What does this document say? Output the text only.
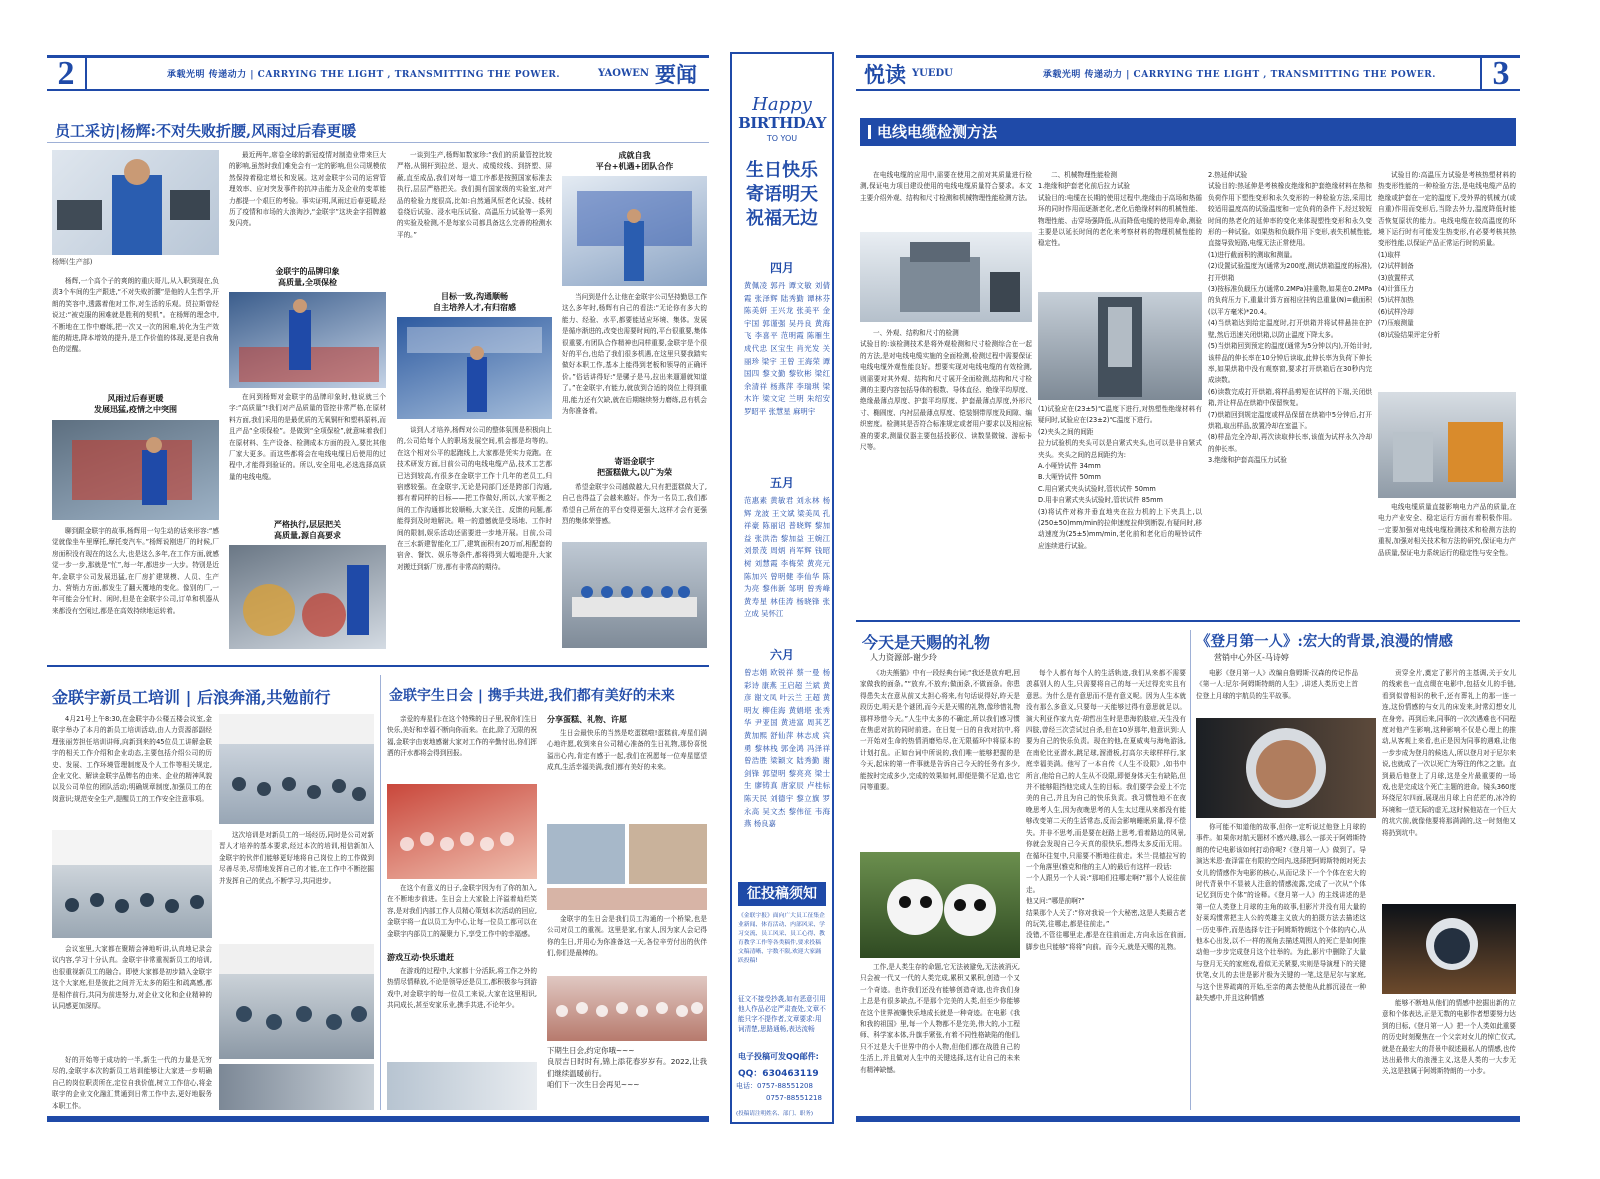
2	承载光明 传递动力 | CARRYING THE LIGHT , TRANSMITTING THE POWER.	YAOWEN 要闻
员工采访|杨辉:不对失败折腰,风雨过后春更暖
杨辉(生产部)
杨辉,一个高个子的爽朗的重庆哥儿,从入职到现在,负责3个车间的生产跟进,“不对失败折腰”是他的人生哲学,开朗的笑容中,透露着他对工作,对生活的乐观。贸拉斯曾经说过:“被克服的困难就是胜利的契机”。在杨辉的理念中,不断地在工作中磨练,把一次又一次的困难,转化为生产效能的精进,降本增效的提升,是工作价值的体现,更是自我角色的觉醒。
风雨过后春更暖
发展迅猛,疫情之中突围
聊到跟金联宇的故事,杨辉用一句生动的话来形容:“感觉就像坐车里摩托,摩托变汽车。”杨辉说刚进厂的时候,厂房面积没有现在的这么大,也是这么多年,在工作方面,就感觉一步一步,那就是“忙”,每一年,都进步一大步。特别是近年,金联宇公司发展迅猛,在厂房扩建规模、人员、生产力、营销力方面,都发生了翻天覆地的变化。像别的厂,一年可能会分忙时、闲时,但是在金联宇公司,订单和机器从来都没有空闲过,都是在高效持续地运转着。
最近两年,席卷全球的新冠疫情对制造业带来巨大的影响,虽然时我们难免会有一定的影响,但公司规模依然保持着稳定增长和发展。这对金联宇公司的运营管理效率、应对突发事件的抗冲击能力及企业的变革能力都提一个艰巨的考验。事实证明,风雨过后春更暖,经历了疫情和市场的大浪淘沙,“金联宇”这块金字招牌越发闪亮。
金联宇的品牌印象
高质量,全项保检
在问到杨辉对金联宇的品牌印象时,他说就三个字:“高质量”!我们对产品质量的管控非常严格,在原材料方面,我们采用的是最优质的无氧铜杆和塑料原料,而且产品“全项保检”。是做到“全项保检”,就意味着我们在原材料、生产设备、检测成本方面的投入,要比其他厂家大更多。而这些都将会在电线电缆日后使用的过程中,才能得到验证的。所以,安全用电,必选选择高质量的电线电缆。
严格执行,层层把关
高质量,源自高要求
一谈到生产,杨辉如数家珍:“我们的质量管控比较严格,从铜杆到拉丝、退火、成缆绞线、到挤塑、屏蔽,直至成品,我们对每一道工序都是按照国家标准去执行,层层严格把关。我们拥有国家级的实验室,对产品的检验力度很高,比如:自然通风恒老化试验、线材卷绕后试验、浸水电压试验、高温压力试验等一系列的实验及检测,不是每家公司都具备这么完善的检测水平的。”
目标一致,沟通顺畅
自主培养人才,有归宿感
谈到人才培养,杨辉对公司的整体氛围是积极向上的,公司给每个人的职场发展空间,机会都是均等的。在这个相对公平的起跑线上,大家都是凭实力竞跑。在技术研发方面,目前公司的电线电缆产品,技术工艺都已达到较高,有很多在金联宇工作十几年的老员工,归宿感较强。在金联宇,无论是同部门还是跨部门沟通,都有着同样的目标——把工作做好,所以,大家平衡之间的工作沟通都比较顺畅,大家关注、反馈的问题,都能得到及时地解决。唯一的遗憾就是受场地、工作时间的限制,娱乐活动还需要进一步地开展。目前,公司在三水新建智能化工厂,建筑面积有20万㎡,相配套的宿舍、餐饮、娱乐等条件,都将得到大幅地提升,大家对搬迁到新厂房,都有非常高的期待。
成就自我
平台+机遇+团队合作
当问到是什么让他在金联宇公司坚持勤恳工作这么多年时,杨辉有自己的看法:“无论你有多大的能力、经验、水平,都要能适应环境、集体。发展是循序渐进的,改变也需要时间的,平台很重要,集体很重要,有团队合作精神也同样重要,金联宇是个很好的平台,也给了我们很多机遇,在这里只要我踏实做好本职工作,基本上能得到老板和领导的正确评价。”俗话讲得好:“是骡子是马,拉出来遛遛就知道了。”在金联宇,有能力,就放到合适的岗位上得到重用,能力还有欠缺,就在后期继续努力磨练,总有机会为你准备着。
寄语金联宇
把蛋糕做大,以广为荣
希望金联宇公司越做越大,只有把蛋糕做大了,自己也得益了会越来越好。作为一名员工,我们都希望自己所在的平台变得更强大,这样才会有更强烈的集体荣誉感。
金联宇新员工培训 | 后浪奔涌,共勉前行
4月21号上午8:30,在金联宇办公楼五楼会议室,金联宇举办了本月的新员工培训活动,由人力资源部副经理张丽芳担任培训讲师,向新到来的45位员工讲解金联宇的相关工作介绍和企业动态,主要包括介绍公司的历史、发展、工作环境管理制度及个人工作等相关规定,企业文化、解读金联宇品牌名的由来、企业的精神风貌以及公司单位的团队活动;明确规章制度,加强员工的在岗意识;规范安全生产,提醒员工的工作安全注意事项。
这次培训是对新员工的一场经历,同时是公司对新晋人才培养的基本要求,经过本次的培训,相信新加入金联宇的伙伴们能够更好地将自己岗位上的工作做到尽善尽美,尽情地发挥自己的才能,在工作中不断挖掘并发挥自己的优点,不断学习,共同进步。
会议室里,大家都在聚精会神地听讲,认真地记录会议内容,学习十分认真。金联宇非常重视新员工的培训,也很重视新员工的融合。即使大家都是初步踏入金联宇这个大家庭,但是彼此之间并无太多的陌生和疏离感,都是相伴前行,共同为前进努力,对企业文化和企业精神的认同感更加深厚。
好的开始等于成功的一半,新生一代的力量是无穷尽的,金联宇本次的新员工培训能够让大家进一步明确自己的岗位职责所在,定位自我价值,树立工作信心,将金联宇的企业文化融汇贯通到日常工作中去,更好地服务本职工作。
金联宇生日会 | 携手共进,我们都有美好的未来
亲爱的寿星们:在这个特殊的日子里,祝你们生日快乐,美好和幸福不断向你而来。在此,除了无限的祝福,金联宇由衷地感谢大家对工作的辛勤付出,你们挥洒的汗水都将会得到回报。
在这个有意义的日子,金联宇因为有了你的加入,在不断地步前进。生日会上大家脸上洋溢着灿烂笑容,是对我们内部工作人员精心策划本次活动的回应,金联宇将一直以员工为中心,让每一位员工都可以在金联宇内部员工的凝聚力下,享受工作中的幸福感。
游戏互动·快乐遗赶
在游戏的过程中,大家都十分活跃,将工作之外的热情尽情释放,不论是领导还是员工,都积极参与到游戏中,对金联宇的每一位员工来说,大家在这里相识,共同成长,甚至安家乐业,携手共进,不论年少。
分享蛋糕、礼物、许愿
生日会最快乐的当然是吃蛋糕啦!蛋糕前,寿星们满心地许愿,收到来自公司精心准备的生日礼物,那份喜悦溢出心内,肯定有感于一起,我们在祝愿每一位寿星愿望成真,生活幸福美满,我们都有美好的未来。
金联宇的生日会是我们员工沟通的一个桥梁,也是公司对员工的重视。这里是家,有家人,因为家人会记得你的生日,并用心为你准备这一天,各位辛劳付出的伙伴们,你们是最棒的。
下期生日会,约定你哦~~~
良辰吉日时时有,锦上添花春岁岁有。2022,让我们继续温暖前行。
咱们下一次生日会再见~~~
Happy
BIRTHDAY
TO YOU
生日快乐
寄语明天
祝福无边
四月
黄佩凌 郭丹 谭文敏 刘倩霞 张泽辉 陆秀勤 谭林芬 陈美妍 王兴龙 张美平 金宇国 郭谨强 吴丹良 黄海飞 李喜平 范明霞 陈雁生 成代忠 区宝生 肖光发 关丽珍 梁宇 王曾 王海荣 谭国四 黎文勤 黎钦彬 梁红 余清祥 杨燕萍 李瑞琪 梁木许 梁文定 兰明 朱绍安 罗昭平 张慧星 麻明宇
五月
范惠素 黄敏君 刘永林 杨辉 龙波 王文斌 梁美凤 孔祥豪 陈丽诏 普晓辉 黎加益 张洪浩 黎加益 王婉江 刘景茂 周炳 肖军辉 钱昭树 刘慧霞 李梅荣 黄亮元 陈加兴 曾明健 李仙华 陈为亮 黎伟新 邹明 曾秀峰 黄寿星 林佳涛 杨晓锋 张立成 吴怀江
六月
曾志娟 欧锐祥 蔡一曼 杨彩诗 康燕 王启超 兰斌 黄彦 谢文凤 叶云兰 王超 黄明友 柳佳海 黄娟堪 张秀华 尹亚国 黄进富 周其艺 黄加熙 舒仙萍 林志成 宾勇 黎林栈 郭金鸿 冯泽祥 曾浩胜 梁颖文 陆秀勤 谢剑锋 郭望明 黎亮亮 梁士生 廖铸真 唐家辰 卢桂标 陈天民 刘德宇 黎立旗 罗永高 吴文杰 黎伟征 韦海燕 杨良嘉
征投稿须知
《金联宇报》面向广大员工征集企业新闻、体育活动、内部风采、学习交流、员工风采、员工心得、教育教学工作等各类稿件,要求投稿文稿清晰、字数不限,欢迎大家踊跃投稿!
征文不接受抄袭,如有恶意引用他人作品必定严肃查处,文章不能只字不提作者,文章要求:用词清楚,思路通畅,表达流畅
电子投稿可发QQ邮件:
QQ：630463119
电话：0757-88551208
0757-88551218
(投稿请注明姓名、部门、职务)
悦读 YUEDU	承载光明 传递动力 | CARRYING THE LIGHT , TRANSMITTING THE POWER.	3
电线电缆检测方法
在电线电缆的应用中,需要在使用之前对其质量进行检测,保证电力项目建设使用的电线电缆质量符合要求。本文主要介绍外观、结构和尺寸检测和机械物理性能检测方法。
一、外观、结构和尺寸的检测
试验目的:该检测技术是将外观检测和尺寸检测综合在一起的方法,是对电线电缆实施的全面检测,检测过程中需要保证电线电缆外观性能良好。想要实现对电线电缆的有效检测,则需要对其外观、结构和尺寸展开全面检测,结构和尺寸检测的主要内容包括导体的根数、导体直径、绝缘平均厚度、绝缘最薄点厚度、护套平均厚度、护套最薄点厚度,外形尺寸、椭圆度、内衬层最薄点厚度、铠装钢带厚度及间隙、编织密度。检测其是否符合标准规定或者用户要求以及相应标准的要求,测量仪器主要包括投影仪、读数显微镜、游标卡尺等。
二、机械物理性能检测
1.绝缘和护套老化前后拉力试验
试验目的:电缆在长期的使用过程中,绝缘由于高场和热循环的同时作用而逐渐老化,老化后绝缘材料的机械性能、物理性能、击穿场强降低,从而降低电缆的使用寿命,测验主要是以延长时间的老化来考察材料的物理机械性能的稳定性。
(1)试验应在(23±5)℃温度下进行,对热塑性绝缘材料有疑问时,试验应在(23±2)℃温度下进行。
(2)夹头之间的间距
拉力试验机的夹头可以是自紧式夹头,也可以是非自紧式夹头。夹头之间的总间距约为:
A.小哑铃试件 34mm
B.大哑铃试件 50mm
C.用自紧式夹头试验时,管状试件 50mm
D.用非自紧式夹头试验时,管状试件 85mm
(3)将试件对称并垂直地夹在拉力机的上下夹具上,以(250±50)mm/min的拉伸速度拉伸到断裂,有疑问时,移动速度为(25±5)mm/min,老化前和老化后的哑铃试件应连续进行试验。
2.热延伸试验
试验目的:热延伸是考核橡皮绝缘和护套绝缘材料在热和负荷作用下塑性变形和永久变形的一种检验方法,采用比较适用温度高的试验温度和一定负荷的条件下,经过较短时间的热老化的延伸率的变化来体现塑性变形和永久变形的一种试验。如果热和负载作用下变形,表失机械性能,直接导致短路,电缆无法正常使用。
(1)进行截面积的测取和测量。
(2)设置试验温度为(通常为200度,测试烘箱温度的标准),打开烘箱
(3)按标准负载压力(通常0.2MPa)挂重物,如果在0.2MPa的负荷压力下,重量计算方面相应挂钩总重量(N)=截面积(以平方毫米)*20.4。
(4)当烘箱达到给定温度时,打开烘箱并将试样悬挂在护壁,然后迅速关闭烘箱,以防止温度下降太多。
(5)当烘箱回到预定的温度(通常为5分钟以内),开始计时,该样品的伸长率在10分钟后读取,此伸长率为负荷下伸长率,如果烘箱中没有观察窗,要求打开烘箱后在30秒内完成读数。
(6)读数完成打开烘箱,将样品剪短在试样的下端,关闭烘箱,并让样品在烘箱中保留恢复。
(7)烘箱回到规定温度或样品保留在烘箱中5分钟后,打开烘箱,取出样品,放置冷却在室温下。
(8)样品完全冷却,再次读取伸长率,该值为试样永久冷却的伸长率。
3.绝缘和护套高温压力试验
试验目的:高温压力试验是考核热塑材料的热变形性能的一种检验方法,是电线电缆产品的绝缘或护套在一定的温度下,受外界的机械力(或自重)作用而变形后,当除去外力,温度降低时能否恢复原状的能力。电线电缆在较高温度的环境下运行时有可能发生热变形,有必要考核其热变形性能,以保证产品正常运行时的质量。
(1)取样
(2)试样制备
(3)放置样式
(4)计算压力
(5)试样加热
(6)试样冷却
(7)压痕测量
(8)试验结果评定分析
电线电缆质量直接影响电力产品的质量,在电力产业安全、稳定运行方面有着积极作用。一定要加强对电线电缆检测技术和检测方法的重视,加强对相关技术和方法的研究,保证电力产品质量,保证电力系统运行的稳定性与安全性。
今天是天赐的礼物
人力资源部-谢少玲
《功夫熊猫》中有一段经典台词:“我还是放弃吧,回家做我的面条。”“放弃,不放弃;做面条,不做面条。你患得患失太在意从前又太担心将来,有句话说得好,昨天是段历史,明天是个谜团,而今天是天赐的礼物,像珍惜礼物那样珍惜今天。”人生中太多的不确定,所以我们感习惯在焦虑对抗的同时前进。在日复一日的自我对抗中,将一开始对生命的热情消磨殆尽,在无限循环中将原本的计划打乱。正如台词中所说的,我们唯一能够把握的是今天,起床的第一件事就是告诉自己今天的任务有多少,能按时完成多少,完成的效果如何,即便是微不足道,也它同等重要。
工作,是人类生存的命题,它无法被避免,无法被消灭,只会被一代又一代的人类完成,累积又累积,创造一个又一个奇迹。也许我们还没有能够创造奇迹,也许我们身上总是有很多缺点,不是那个完美的人类,但至少你能够在这个世界被赚快乐地成长就是一种奇迹。在电影《我和我的祖国》里,每一个人物都不是完美,伟大的,小工程师、科学家本体,升旗手紧张,有着不同性格缺陷的他们,只不过是大千世界中的小人物,但他们都在战胜自己的生活上,并且做对人生中的关键选择,这有让自己的未来有精神缺憾。
每个人都有每个人的生活轨迹,我们从来都不需要羡慕别人的人生,只需要将自己的每一天过得充实且有意思。为什么是有意思而不是有意义呢。因为人生本就没有那么多意义,只要每一天能够过得有意思就足以。演大利亚作家九克·胡哲出生时是患海豹肢症,天生没有四肢,曾经三次尝试过自杀,但在10岁那年,他意识到:人要为自己的快乐负责。现在的他,在夏威夷与海龟游泳,在南伦比亚潜水,跳足球,溜滑板,打高尔夫球样样行,家庭幸福美满。他写了一本自传《人生不设限》,如书中所言,他给自己的人生从不设限,即便身体天生有缺陷,但并不能够阻挡他完成人生的目标。我们要学会爱上不完美的自己,并且为自己的快乐负责。我习惯性地不在夜晚思考人生,因为夜晚思考的人生太过理从来都没有能够改变第二天的生活常态,反而会影响睡眠质量,得不偿失。并非不思考,而是要在赶路上思考,看着路边的风景,你就会发现自己今天真的很快乐,想得太多反而无用。在循环往复中,只需要不断地往前走。米兰·昆德拉写的一个角落里(雅克和他的主人)的最后有这样一段话:
一个人跟另一个人说:“那咱们往哪走啊?”那个人说往前走。
他又问:“哪是前啊?”
结果那个人关了:“你对我说一个大秘密,这是人类最古老的玩笑,往哪走,都是往前走。”
没错,不管往哪里走,都是在往前面走,方向永远在前面,脚步也只能够“将将”向前。而今天,就是天赐的礼物。
《登月第一人》:宏大的背景,浪漫的情感
营销中心外区-马诗婷
电影《登月第一人》改编自詹姆斯·汉森的传记作品《第一人:尼尔·阿姆斯特朗的人生》,讲述人类历史上首位登上月球的宇航员的生平故事。
你可能不知道他的故事,但你一定听说过他登上月球的事件。如果你对航天题材不感兴趣,那么一部关于阿姆斯特朗的传记电影该如何打动你呢?《登月第一人》做到了。导演达米恩·查泽雷在有限的空间内,选择把阿姆斯特朗对死去女儿的情感作为电影的核心,从而记录下一个个体在宏大的时代背景中不显被人注意的情感流露,完成了一次从“个体记忆到历史个体”的诠释。《登月第一人》的主线讲述的是第一位人类登上月球的主角的故事,但影片并没有用大量的好莱坞惯常把主人公的英雄主义放大的拍摄方法去描述这一历史事件,而是选择专注于阿姆斯特朗这个个体的内心,从他本心出发,以不一样的视角去描述周围人的死亡是如何推动他一步步完成登月这个壮举的。为此,影片中删除了大量与登月无关的家庭戏,看似无关紧要,实则是导演埋下的关键伏笔,女儿的去世是影片极为关键的一笔,这是尼尔与家庭,与这个世界疏离的开始,至亲的离去使他从此都沉浸在一种缺失感中,并且这种情感
贡穿全片,奠定了影片的主基调,关于女儿的线索也一直点缀在电影中,包括女儿的手链,看到似曾相识的秋千,还有葬礼上的那一连一连,这份情感的与女儿的床发来,时常幻想女儿在身旁。再到后来,同事的一次次遇难也不同程度对他产生影响,这种影响不仅是心理上的推动,从客观上来看,也正是因为同事的遇难,让他一步步成为登月的候选人,所以登月对于尼尔来说,也就成了一次以死亡为筹注的伟之之旅。直到最后他登上了月球,这是全片最重要的一场戏,也是完成这个死亡主题的进命。镜头360度环绕尼尔四面,展现出月球上自茫茫的,冰冷的环境和一望无际的虚无,这时候他站在一个巨大的坑穴前,就像他要将那满满的,这一时刻他又将扔到坑中。
能够不断地从他们的情感中挖掘出新的立意和个体表达,正是无数的电影作者想要努力达到的目标,《登月第一人》把一个人类如此重要的历史时刻聚焦在一个父亲对女儿的悼亡仪式,就是在最宏大的背景中叙述最私人的情感,也传达出最伟大的浪漫主义,这是人类的一大步无关,这是独属于阿姆斯特朗的一小步。
